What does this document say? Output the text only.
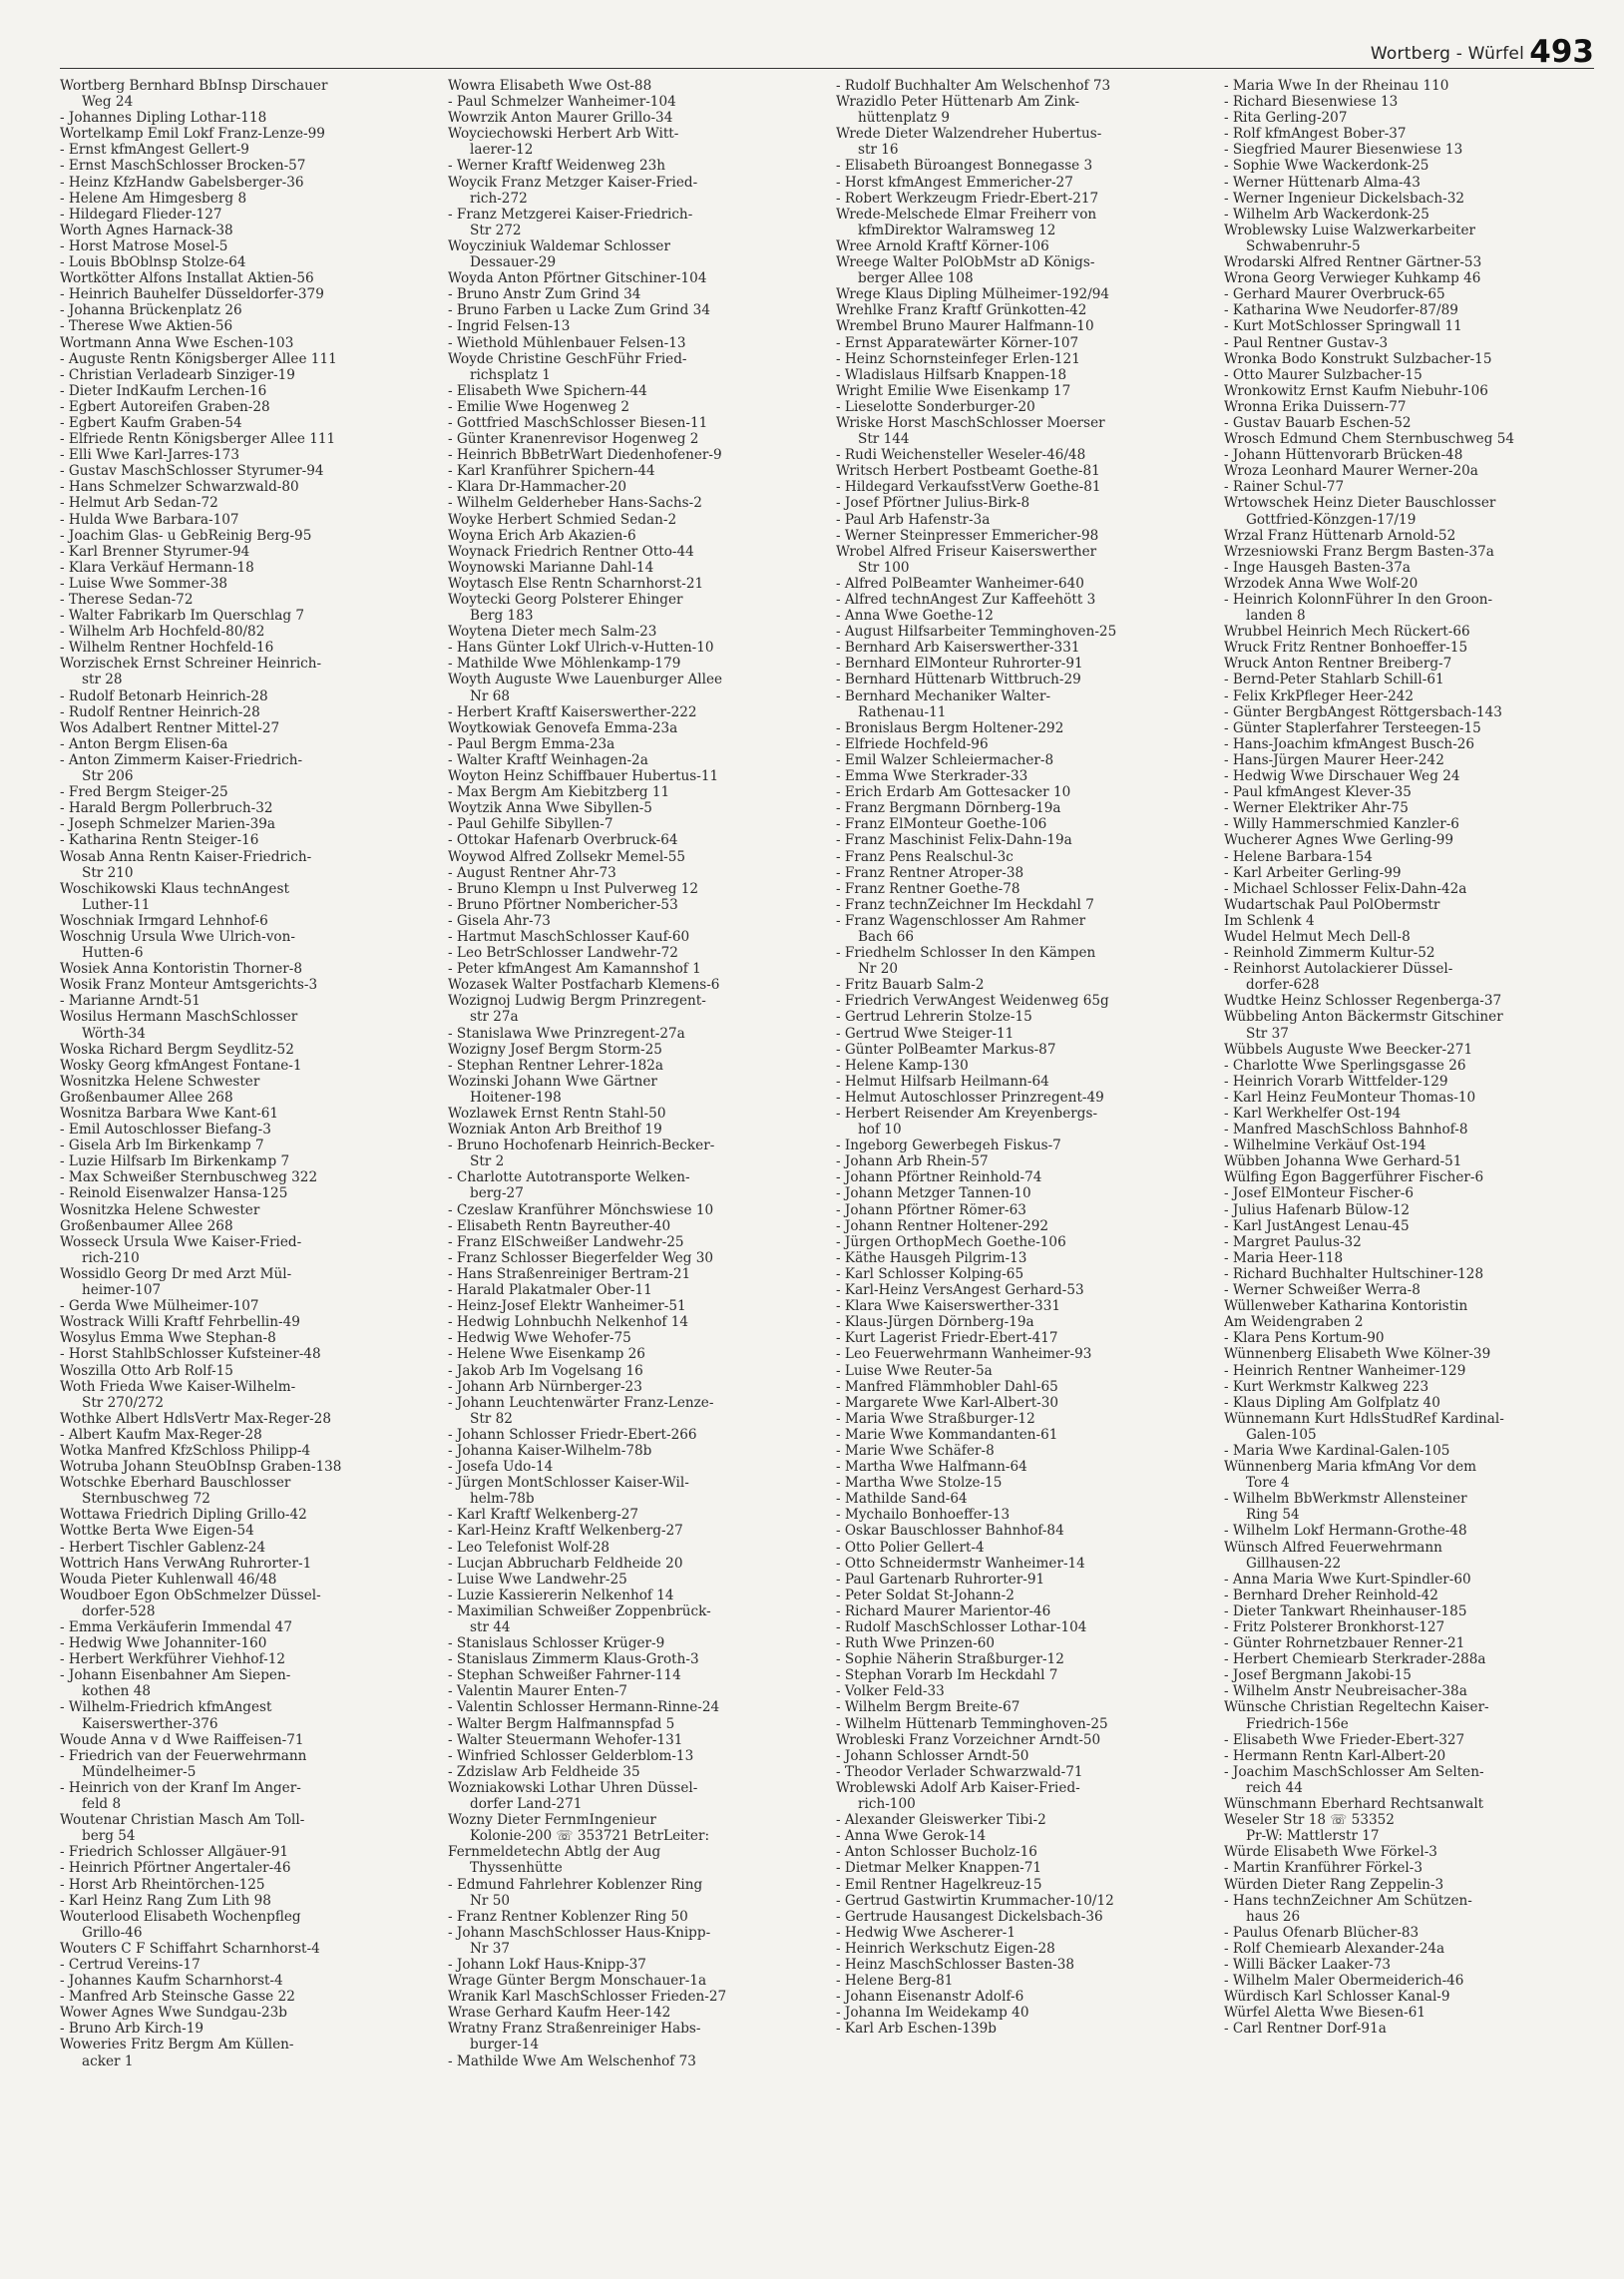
Wortberg - Würfel 493
Wortberg Bernhard BbInsp Dirschauer
Weg 24
- Johannes Dipling Lothar-118
Wortelkamp Emil Lokf Franz-Lenze-99
- Ernst kfmAngest Gellert-9
- Ernst MaschSchlosser Brocken-57
- Heinz KfzHandw Gabelsberger-36
- Helene Am Himgesberg 8
- Hildegard Flieder-127
Worth Agnes Harnack-38
- Horst Matrose Mosel-5
- Louis BbOblnsp Stolze-64
Wortkötter Alfons Installat Aktien-56
- Heinrich Bauhelfer Düsseldorfer-379
- Johanna Brückenplatz 26
- Therese Wwe Aktien-56
Wortmann Anna Wwe Eschen-103
- Auguste Rentn Königsberger Allee 111
- Christian Verladearb Sinziger-19
- Dieter IndKaufm Lerchen-16
- Egbert Autoreifen Graben-28
- Egbert Kaufm Graben-54
- Elfriede Rentn Königsberger Allee 111
- Elli Wwe Karl-Jarres-173
- Gustav MaschSchlosser Styrumer-94
- Hans Schmelzer Schwarzwald-80
- Helmut Arb Sedan-72
- Hulda Wwe Barbara-107
- Joachim Glas- u GebReinig Berg-95
- Karl Brenner Styrumer-94
- Klara Verkäuf Hermann-18
- Luise Wwe Sommer-38
- Therese Sedan-72
- Walter Fabrikarb Im Querschlag 7
- Wilhelm Arb Hochfeld-80/82
- Wilhelm Rentner Hochfeld-16
Worzischek Ernst Schreiner Heinrich-
str 28
- Rudolf Betonarb Heinrich-28
- Rudolf Rentner Heinrich-28
Wos Adalbert Rentner Mittel-27
- Anton Bergm Elisen-6a
- Anton Zimmerm Kaiser-Friedrich-
Str 206
- Fred Bergm Steiger-25
- Harald Bergm Pollerbruch-32
- Joseph Schmelzer Marien-39a
- Katharina Rentn Steiger-16
Wosab Anna Rentn Kaiser-Friedrich-
Str 210
Woschikowski Klaus technAngest
Luther-11
Woschniak Irmgard Lehnhof-6
Woschnig Ursula Wwe Ulrich-von-
Hutten-6
Wosiek Anna Kontoristin Thorner-8
Wosik Franz Monteur Amtsgerichts-3
- Marianne Arndt-51
Wosilus Hermann MaschSchlosser
Wörth-34
Woska Richard Bergm Seydlitz-52
Wosky Georg kfmAngest Fontane-1
Wosnitzka Helene Schwester
Großenbaumer Allee 268
Wosnitza Barbara Wwe Kant-61
- Emil Autoschlosser Biefang-3
- Gisela Arb Im Birkenkamp 7
- Luzie Hilfsarb Im Birkenkamp 7
- Max Schweißer Sternbuschweg 322
- Reinold Eisenwalzer Hansa-125
Wosnitzka Helene Schwester
Großenbaumer Allee 268
Wosseck Ursula Wwe Kaiser-Fried-
rich-210
Wossidlo Georg Dr med Arzt Mül-
heimer-107
- Gerda Wwe Mülheimer-107
Wostrack Willi Kraftf Fehrbellin-49
Wosylus Emma Wwe Stephan-8
- Horst StahlbSchlosser Kufsteiner-48
Woszilla Otto Arb Rolf-15
Woth Frieda Wwe Kaiser-Wilhelm-
Str 270/272
Wothke Albert HdlsVertr Max-Reger-28
- Albert Kaufm Max-Reger-28
Wotka Manfred KfzSchloss Philipp-4
Wotruba Johann SteuObInsp Graben-138
Wotschke Eberhard Bauschlosser
Sternbuschweg 72
Wottawa Friedrich Dipling Grillo-42
Wottke Berta Wwe Eigen-54
- Herbert Tischler Gablenz-24
Wottrich Hans VerwAng Ruhrorter-1
Wouda Pieter Kuhlenwall 46/48
Woudboer Egon ObSchmelzer Düssel-
dorfer-528
- Emma Verkäuferin Immendal 47
- Hedwig Wwe Johanniter-160
- Herbert Werkführer Viehhof-12
- Johann Eisenbahner Am Siepen-
kothen 48
- Wilhelm-Friedrich kfmAngest
Kaiserswerther-376
Woude Anna v d Wwe Raiffeisen-71
- Friedrich van der Feuerwehrmann
Mündelheimer-5
- Heinrich von der Kranf Im Anger-
feld 8
Woutenar Christian Masch Am Toll-
berg 54
- Friedrich Schlosser Allgäuer-91
- Heinrich Pförtner Angertaler-46
- Horst Arb Rheintörchen-125
- Karl Heinz Rang Zum Lith 98
Wouterlood Elisabeth Wochenpfleg
Grillo-46
Wouters C F Schiffahrt Scharnhorst-4
- Certrud Vereins-17
- Johannes Kaufm Scharnhorst-4
- Manfred Arb Steinsche Gasse 22
Wower Agnes Wwe Sundgau-23b
- Bruno Arb Kirch-19
Woweries Fritz Bergm Am Küllen-
acker 1
Wowra Elisabeth Wwe Ost-88
- Paul Schmelzer Wanheimer-104
Wowrzik Anton Maurer Grillo-34
Woyciechowski Herbert Arb Witt-
laerer-12
- Werner Kraftf Weidenweg 23h
Woycik Franz Metzger Kaiser-Fried-
rich-272
- Franz Metzgerei Kaiser-Friedrich-
Str 272
Woycziniuk Waldemar Schlosser
Dessauer-29
Woyda Anton Pförtner Gitschiner-104
- Bruno Anstr Zum Grind 34
- Bruno Farben u Lacke Zum Grind 34
- Ingrid Felsen-13
- Wiethold Mühlenbauer Felsen-13
Woyde Christine GeschFühr Fried-
richsplatz 1
- Elisabeth Wwe Spichern-44
- Emilie Wwe Hogenweg 2
- Gottfried MaschSchlosser Biesen-11
- Günter Kranenrevisor Hogenweg 2
- Heinrich BbBetrWart Diedenhofener-9
- Karl Kranführer Spichern-44
- Klara Dr-Hammacher-20
- Wilhelm Gelderheber Hans-Sachs-2
Woyke Herbert Schmied Sedan-2
Woyna Erich Arb Akazien-6
Woynack Friedrich Rentner Otto-44
Woynowski Marianne Dahl-14
Woytasch Else Rentn Scharnhorst-21
Woytecki Georg Polsterer Ehinger
Berg 183
Woytena Dieter mech Salm-23
- Hans Günter Lokf Ulrich-v-Hutten-10
- Mathilde Wwe Möhlenkamp-179
Woyth Auguste Wwe Lauenburger Allee
Nr 68
- Herbert Kraftf Kaiserswerther-222
Woytkowiak Genovefa Emma-23a
- Paul Bergm Emma-23a
- Walter Kraftf Weinhagen-2a
Woyton Heinz Schiffbauer Hubertus-11
- Max Bergm Am Kiebitzberg 11
Woytzik Anna Wwe Sibyllen-5
- Paul Gehilfe Sibyllen-7
- Ottokar Hafenarb Overbruck-64
Woywod Alfred Zollsekr Memel-55
- August Rentner Ahr-73
- Bruno Klempn u Inst Pulverweg 12
- Bruno Pförtner Nombericher-53
- Gisela Ahr-73
- Hartmut MaschSchlosser Kauf-60
- Leo BetrSchlosser Landwehr-72
- Peter kfmAngest Am Kamannshof 1
Wozasek Walter Postfacharb Klemens-6
Wozignoj Ludwig Bergm Prinzregent-
str 27a
- Stanislawa Wwe Prinzregent-27a
Wozigny Josef Bergm Storm-25
- Stephan Rentner Lehrer-182a
Wozinski Johann Wwe Gärtner
Hoitener-198
Wozlawek Ernst Rentn Stahl-50
Wozniak Anton Arb Breithof 19
- Bruno Hochofenarb Heinrich-Becker-
Str 2
- Charlotte Autotransporte Welken-
berg-27
- Czeslaw Kranführer Mönchswiese 10
- Elisabeth Rentn Bayreuther-40
- Franz ElSchweißer Landwehr-25
- Franz Schlosser Biegerfelder Weg 30
- Hans Straßenreiniger Bertram-21
- Harald Plakatmaler Ober-11
- Heinz-Josef Elektr Wanheimer-51
- Hedwig Lohnbuchh Nelkenhof 14
- Hedwig Wwe Wehofer-75
- Helene Wwe Eisenkamp 26
- Jakob Arb Im Vogelsang 16
- Johann Arb Nürnberger-23
- Johann Leuchtenwärter Franz-Lenze-
Str 82
- Johann Schlosser Friedr-Ebert-266
- Johanna Kaiser-Wilhelm-78b
- Josefa Udo-14
- Jürgen MontSchlosser Kaiser-Wil-
helm-78b
- Karl Kraftf Welkenberg-27
- Karl-Heinz Kraftf Welkenberg-27
- Leo Telefonist Wolf-28
- Lucjan Abbrucharb Feldheide 20
- Luise Wwe Landwehr-25
- Luzie Kassiererin Nelkenhof 14
- Maximilian Schweißer Zoppenbrück-
str 44
- Stanislaus Schlosser Krüger-9
- Stanislaus Zimmerm Klaus-Groth-3
- Stephan Schweißer Fahrner-114
- Valentin Maurer Enten-7
- Valentin Schlosser Hermann-Rinne-24
- Walter Bergm Halfmannspfad 5
- Walter Steuermann Wehofer-131
- Winfried Schlosser Gelderblom-13
- Zdzislaw Arb Feldheide 35
Wozniakowski Lothar Uhren Düssel-
dorfer Land-271
Wozny Dieter FernmIngenieur
Kolonie-200 ☏ 353721 BetrLeiter:
Fernmeldetechn Abtlg der Aug
Thyssenhütte
- Edmund Fahrlehrer Koblenzer Ring
Nr 50
- Franz Rentner Koblenzer Ring 50
- Johann MaschSchlosser Haus-Knipp-
Nr 37
- Johann Lokf Haus-Knipp-37
Wrage Günter Bergm Monschauer-1a
Wranik Karl MaschSchlosser Frieden-27
Wrase Gerhard Kaufm Heer-142
Wratny Franz Straßenreiniger Habs-
burger-14
- Mathilde Wwe Am Welschenhof 73
- Rudolf Buchhalter Am Welschenhof 73
Wrazidlo Peter Hüttenarb Am Zink-
hüttenplatz 9
Wrede Dieter Walzendreher Hubertus-
str 16
- Elisabeth Büroangest Bonnegasse 3
- Horst kfmAngest Emmericher-27
- Robert Werkzeugm Friedr-Ebert-217
Wrede-Melschede Elmar Freiherr von
kfmDirektor Walramsweg 12
Wree Arnold Kraftf Körner-106
Wreege Walter PolObMstr aD Königs-
berger Allee 108
Wrege Klaus Dipling Mülheimer-192/94
Wrehlke Franz Kraftf Grünkotten-42
Wrembel Bruno Maurer Halfmann-10
- Ernst Apparatewärter Körner-107
- Heinz Schornsteinfeger Erlen-121
- Wladislaus Hilfsarb Knappen-18
Wright Emilie Wwe Eisenkamp 17
- Lieselotte Sonderburger-20
Wriske Horst MaschSchlosser Moerser
Str 144
- Rudi Weichensteller Weseler-46/48
Writsch Herbert Postbeamt Goethe-81
- Hildegard VerkaufsstVerw Goethe-81
- Josef Pförtner Julius-Birk-8
- Paul Arb Hafenstr-3a
- Werner Steinpresser Emmericher-98
Wrobel Alfred Friseur Kaiserswerther
Str 100
- Alfred PolBeamter Wanheimer-640
- Alfred technAngest Zur Kaffeehött 3
- Anna Wwe Goethe-12
- August Hilfsarbeiter Temminghoven-25
- Bernhard Arb Kaiserswerther-331
- Bernhard ElMonteur Ruhrorter-91
- Bernhard Hüttenarb Wittbruch-29
- Bernhard Mechaniker Walter-
Rathenau-11
- Bronislaus Bergm Holtener-292
- Elfriede Hochfeld-96
- Emil Walzer Schleiermacher-8
- Emma Wwe Sterkrader-33
- Erich Erdarb Am Gottesacker 10
- Franz Bergmann Dörnberg-19a
- Franz ElMonteur Goethe-106
- Franz Maschinist Felix-Dahn-19a
- Franz Pens Realschul-3c
- Franz Rentner Atroper-38
- Franz Rentner Goethe-78
- Franz technZeichner Im Heckdahl 7
- Franz Wagenschlosser Am Rahmer
Bach 66
- Friedhelm Schlosser In den Kämpen
Nr 20
- Fritz Bauarb Salm-2
- Friedrich VerwAngest Weidenweg 65g
- Gertrud Lehrerin Stolze-15
- Gertrud Wwe Steiger-11
- Günter PolBeamter Markus-87
- Helene Kamp-130
- Helmut Hilfsarb Heilmann-64
- Helmut Autoschlosser Prinzregent-49
- Herbert Reisender Am Kreyenbergs-
hof 10
- Ingeborg Gewerbegeh Fiskus-7
- Johann Arb Rhein-57
- Johann Pförtner Reinhold-74
- Johann Metzger Tannen-10
- Johann Pförtner Römer-63
- Johann Rentner Holtener-292
- Jürgen OrthopMech Goethe-106
- Käthe Hausgeh Pilgrim-13
- Karl Schlosser Kolping-65
- Karl-Heinz VersAngest Gerhard-53
- Klara Wwe Kaiserswerther-331
- Klaus-Jürgen Dörnberg-19a
- Kurt Lagerist Friedr-Ebert-417
- Leo Feuerwehrmann Wanheimer-93
- Luise Wwe Reuter-5a
- Manfred Flämmhobler Dahl-65
- Margarete Wwe Karl-Albert-30
- Maria Wwe Straßburger-12
- Marie Wwe Kommandanten-61
- Marie Wwe Schäfer-8
- Martha Wwe Halfmann-64
- Martha Wwe Stolze-15
- Mathilde Sand-64
- Mychailo Bonhoeffer-13
- Oskar Bauschlosser Bahnhof-84
- Otto Polier Gellert-4
- Otto Schneidermstr Wanheimer-14
- Paul Gartenarb Ruhrorter-91
- Peter Soldat St-Johann-2
- Richard Maurer Marientor-46
- Rudolf MaschSchlosser Lothar-104
- Ruth Wwe Prinzen-60
- Sophie Näherin Straßburger-12
- Stephan Vorarb Im Heckdahl 7
- Volker Feld-33
- Wilhelm Bergm Breite-67
- Wilhelm Hüttenarb Temminghoven-25
Wrobleski Franz Vorzeichner Arndt-50
- Johann Schlosser Arndt-50
- Theodor Verlader Schwarzwald-71
Wroblewski Adolf Arb Kaiser-Fried-
rich-100
- Alexander Gleiswerker Tibi-2
- Anna Wwe Gerok-14
- Anton Schlosser Bucholz-16
- Dietmar Melker Knappen-71
- Emil Rentner Hagelkreuz-15
- Gertrud Gastwirtin Krummacher-10/12
- Gertrude Hausangest Dickelsbach-36
- Hedwig Wwe Ascherer-1
- Heinrich Werkschutz Eigen-28
- Heinz MaschSchlosser Basten-38
- Helene Berg-81
- Johann Eisenanstr Adolf-6
- Johanna Im Weidekamp 40
- Karl Arb Eschen-139b
- Maria Wwe In der Rheinau 110
- Richard Biesenwiese 13
- Rita Gerling-207
- Rolf kfmAngest Bober-37
- Siegfried Maurer Biesenwiese 13
- Sophie Wwe Wackerdonk-25
- Werner Hüttenarb Alma-43
- Werner Ingenieur Dickelsbach-32
- Wilhelm Arb Wackerdonk-25
Wroblewsky Luise Walzwerkarbeiter
Schwabenruhr-5
Wrodarski Alfred Rentner Gärtner-53
Wrona Georg Verwieger Kuhkamp 46
- Gerhard Maurer Overbruck-65
- Katharina Wwe Neudorfer-87/89
- Kurt MotSchlosser Springwall 11
- Paul Rentner Gustav-3
Wronka Bodo Konstrukt Sulzbacher-15
- Otto Maurer Sulzbacher-15
Wronkowitz Ernst Kaufm Niebuhr-106
Wronna Erika Duissern-77
- Gustav Bauarb Eschen-52
Wrosch Edmund Chem Sternbuschweg 54
- Johann Hüttenvorarb Brücken-48
Wroza Leonhard Maurer Werner-20a
- Rainer Schul-77
Wrtowschek Heinz Dieter Bauschlosser
Gottfried-Könzgen-17/19
Wrzal Franz Hüttenarb Arnold-52
Wrzesniowski Franz Bergm Basten-37a
- Inge Hausgeh Basten-37a
Wrzodek Anna Wwe Wolf-20
- Heinrich KolonnFührer In den Groon-
landen 8
Wrubbel Heinrich Mech Rückert-66
Wruck Fritz Rentner Bonhoeffer-15
Wruck Anton Rentner Breiberg-7
- Bernd-Peter Stahlarb Schill-61
- Felix KrkPfleger Heer-242
- Günter BergbAngest Röttgersbach-143
- Günter Staplerfahrer Tersteegen-15
- Hans-Joachim kfmAngest Busch-26
- Hans-Jürgen Maurer Heer-242
- Hedwig Wwe Dirschauer Weg 24
- Paul kfmAngest Klever-35
- Werner Elektriker Ahr-75
- Willy Hammerschmied Kanzler-6
Wucherer Agnes Wwe Gerling-99
- Helene Barbara-154
- Karl Arbeiter Gerling-99
- Michael Schlosser Felix-Dahn-42a
Wudartschak Paul PolObermstr
Im Schlenk 4
Wudel Helmut Mech Dell-8
- Reinhold Zimmerm Kultur-52
- Reinhorst Autolackierer Düssel-
dorfer-628
Wudtke Heinz Schlosser Regenberga-37
Wübbeling Anton Bäckermstr Gitschiner
Str 37
Wübbels Auguste Wwe Beecker-271
- Charlotte Wwe Sperlingsgasse 26
- Heinrich Vorarb Wittfelder-129
- Karl Heinz FeuMonteur Thomas-10
- Karl Werkhelfer Ost-194
- Manfred MaschSchloss Bahnhof-8
- Wilhelmine Verkäuf Ost-194
Wübben Johanna Wwe Gerhard-51
Wülfing Egon Baggerführer Fischer-6
- Josef ElMonteur Fischer-6
- Julius Hafenarb Bülow-12
- Karl JustAngest Lenau-45
- Margret Paulus-32
- Maria Heer-118
- Richard Buchhalter Hultschiner-128
- Werner Schweißer Werra-8
Wüllenweber Katharina Kontoristin
Am Weidengraben 2
- Klara Pens Kortum-90
Wünnenberg Elisabeth Wwe Kölner-39
- Heinrich Rentner Wanheimer-129
- Kurt Werkmstr Kalkweg 223
- Klaus Dipling Am Golfplatz 40
Wünnemann Kurt HdlsStudRef Kardinal-
Galen-105
- Maria Wwe Kardinal-Galen-105
Wünnenberg Maria kfmAng Vor dem
Tore 4
- Wilhelm BbWerkmstr Allensteiner
Ring 54
- Wilhelm Lokf Hermann-Grothe-48
Wünsch Alfred Feuerwehrmann
Gillhausen-22
- Anna Maria Wwe Kurt-Spindler-60
- Bernhard Dreher Reinhold-42
- Dieter Tankwart Rheinhauser-185
- Fritz Polsterer Bronkhorst-127
- Günter Rohrnetzbauer Renner-21
- Herbert Chemiearb Sterkrader-288a
- Josef Bergmann Jakobi-15
- Wilhelm Anstr Neubreisacher-38a
Wünsche Christian Regeltechn Kaiser-
Friedrich-156e
- Elisabeth Wwe Frieder-Ebert-327
- Hermann Rentn Karl-Albert-20
- Joachim MaschSchlosser Am Selten-
reich 44
Wünschmann Eberhard Rechtsanwalt
Weseler Str 18 ☏ 53352
Pr-W: Mattlerstr 17
Würde Elisabeth Wwe Förkel-3
- Martin Kranführer Förkel-3
Würden Dieter Rang Zeppelin-3
- Hans technZeichner Am Schützen-
haus 26
- Paulus Ofenarb Blücher-83
- Rolf Chemiearb Alexander-24a
- Willi Bäcker Laaker-73
- Wilhelm Maler Obermeiderich-46
Würdisch Karl Schlosser Kanal-9
Würfel Aletta Wwe Biesen-61
- Carl Rentner Dorf-91a
